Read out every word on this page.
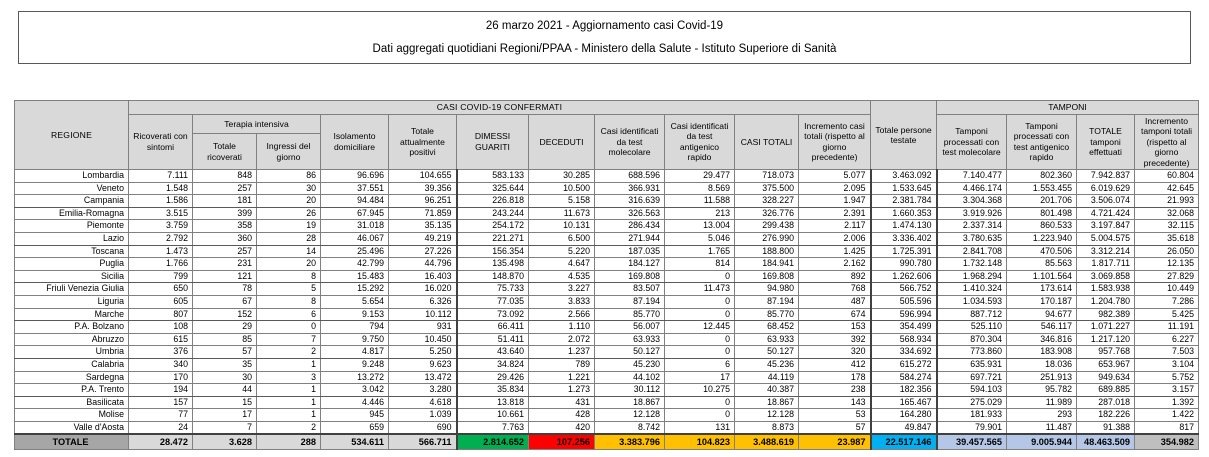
26 marzo 2021 - Aggiornamento casi Covid-19
Dati aggregati quotidiani Regioni/PPAA - Ministero della Salute - Istituto Superiore di Sanità
REGIONE	CASI COVID-19 CONFERMATI											Totale persone testate	TAMPONI			
	Ricoverati con sintomi	Terapia intensiva		Isolamento domiciliare	Totale attualmente positivi	DIMESSI GUARITI	DECEDUTI	Casi identificati da test molecolare	Casi identificati da test antigenico rapido	CASI TOTALI	Incremento casi totali (rispetto al giorno precedente)		Tamponi processati con test molecolare	Tamponi processati con test antigenico rapido	TOTALE tamponi effettuati	Incremento tamponi totali (rispetto al giorno precedente)
		Totale ricoverati	Ingressi del giorno													
Lombardia	7.111	848	86	96.696	104.655	583.133	30.285	688.596	29.477	718.073	5.077	3.463.092	7.140.477	802.360	7.942.837	60.804
Veneto	1.548	257	30	37.551	39.356	325.644	10.500	366.931	8.569	375.500	2.095	1.533.645	4.466.174	1.553.455	6.019.629	42.645
Campania	1.586	181	20	94.484	96.251	226.818	5.158	316.639	11.588	328.227	1.947	2.381.784	3.304.368	201.706	3.506.074	21.993
Emilia-Romagna	3.515	399	26	67.945	71.859	243.244	11.673	326.563	213	326.776	2.391	1.660.353	3.919.926	801.498	4.721.424	32.068
Piemonte	3.759	358	19	31.018	35.135	254.172	10.131	286.434	13.004	299.438	2.117	1.474.130	2.337.314	860.533	3.197.847	32.115
Lazio	2.792	360	28	46.067	49.219	221.271	6.500	271.944	5.046	276.990	2.006	3.336.402	3.780.635	1.223.940	5.004.575	35.618
Toscana	1.473	257	14	25.496	27.226	156.354	5.220	187.035	1.765	188.800	1.425	1.725.391	2.841.708	470.506	3.312.214	26.050
Puglia	1.766	231	20	42.799	44.796	135.498	4.647	184.127	814	184.941	2.162	990.780	1.732.148	85.563	1.817.711	12.135
Sicilia	799	121	8	15.483	16.403	148.870	4.535	169.808	0	169.808	892	1.262.606	1.968.294	1.101.564	3.069.858	27.829
Friuli Venezia Giulia	650	78	5	15.292	16.020	75.733	3.227	83.507	11.473	94.980	768	566.752	1.410.324	173.614	1.583.938	10.449
Liguria	605	67	8	5.654	6.326	77.035	3.833	87.194	0	87.194	487	505.596	1.034.593	170.187	1.204.780	7.286
Marche	807	152	6	9.153	10.112	73.092	2.566	85.770	0	85.770	674	596.994	887.712	94.677	982.389	5.425
P.A. Bolzano	108	29	0	794	931	66.411	1.110	56.007	12.445	68.452	153	354.499	525.110	546.117	1.071.227	11.191
Abruzzo	615	85	7	9.750	10.450	51.411	2.072	63.933	0	63.933	392	568.934	870.304	346.816	1.217.120	6.227
Umbria	376	57	2	4.817	5.250	43.640	1.237	50.127	0	50.127	320	334.692	773.860	183.908	957.768	7.503
Calabria	340	35	1	9.248	9.623	34.824	789	45.230	6	45.236	412	615.272	635.931	18.036	653.967	3.104
Sardegna	170	30	3	13.272	13.472	29.426	1.221	44.102	17	44.119	178	584.274	697.721	251.913	949.634	5.752
P.A. Trento	194	44	1	3.042	3.280	35.834	1.273	30.112	10.275	40.387	238	182.356	594.103	95.782	689.885	3.157
Basilicata	157	15	1	4.446	4.618	13.818	431	18.867	0	18.867	143	165.467	275.029	11.989	287.018	1.392
Molise	77	17	1	945	1.039	10.661	428	12.128	0	12.128	53	164.280	181.933	293	182.226	1.422
Valle d'Aosta	24	7	2	659	690	7.763	420	8.742	131	8.873	57	49.847	79.901	11.487	91.388	817
TOTALE	28.472	3.628	288	534.611	566.711	2.814.652	107.256	3.383.796	104.823	3.488.619	23.987	22.517.146	39.457.565	9.005.944	48.463.509	354.982
